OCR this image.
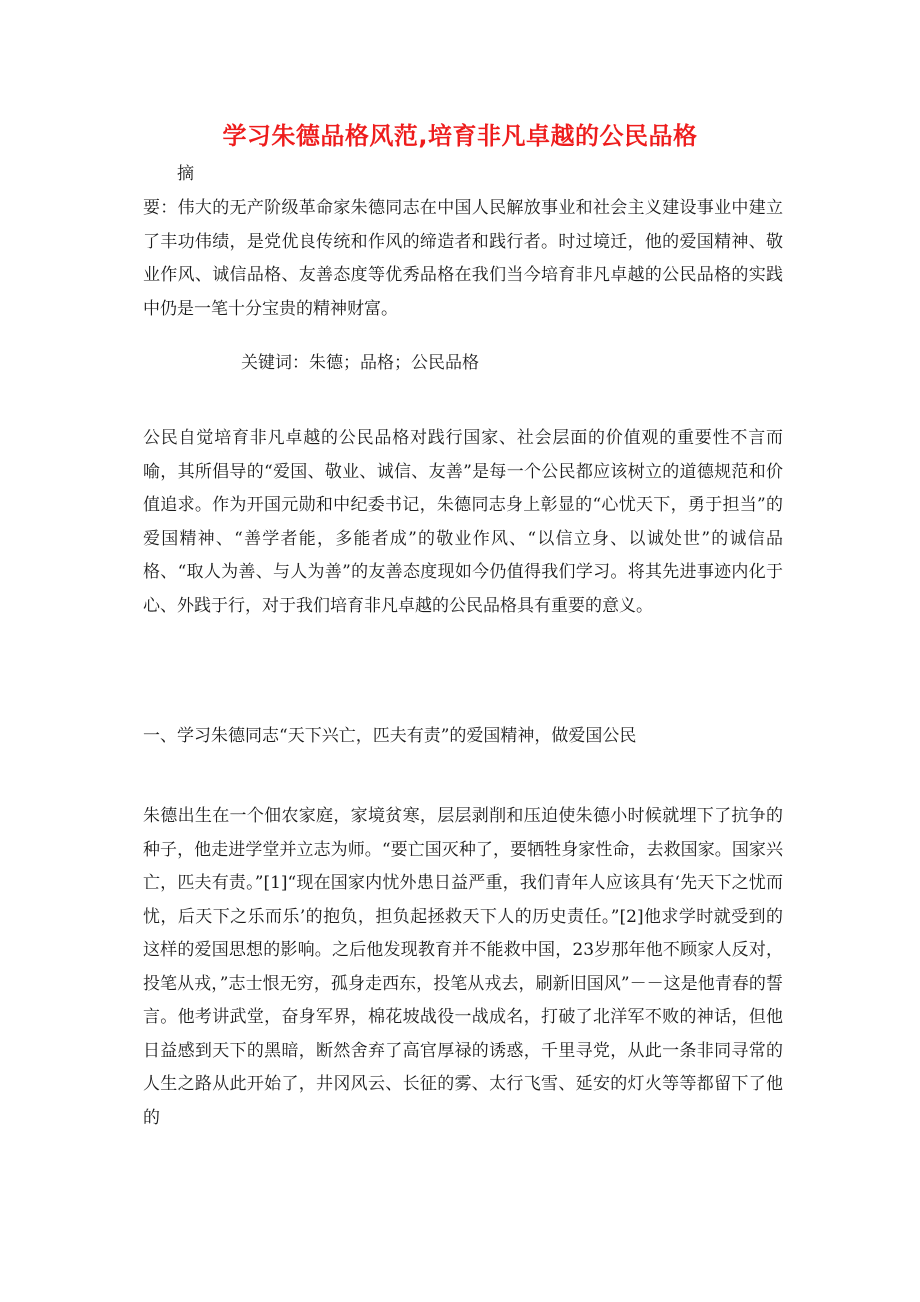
学习朱德品格风范,培育非凡卓越的公民品格
摘
要：伟大的无产阶级革命家朱德同志在中国人民解放事业和社会主义建设事业中建立了丰功伟绩，是党优良传统和作风的缔造者和践行者。时过境迁，他的爱国精神、敬业作风、诚信品格、友善态度等优秀品格在我们当今培育非凡卓越的公民品格的实践中仍是一笔十分宝贵的精神财富。
关键词：朱德；品格；公民品格
公民自觉培育非凡卓越的公民品格对践行国家、社会层面的价值观的重要性不言而喻，其所倡导的“爱国、敬业、诚信、友善”是每一个公民都应该树立的道德规范和价值追求。作为开国元勋和中纪委书记，朱德同志身上彰显的“心忧天下，勇于担当”的爱国精神、“善学者能，多能者成”的敬业作风、“以信立身、以诚处世”的诚信品格、“取人为善、与人为善”的友善态度现如今仍值得我们学习。将其先进事迹内化于心、外践于行，对于我们培育非凡卓越的公民品格具有重要的意义。
一、学习朱德同志“天下兴亡，匹夫有责”的爱国精神，做爱国公民
朱德出生在一个佃农家庭，家境贫寒，层层剥削和压迫使朱德小时候就埋下了抗争的种子，他走进学堂并立志为师。“要亡国灭种了，要牺牲身家性命，去救国家。国家兴亡，匹夫有责。”[1]“现在国家内忧外患日益严重，我们青年人应该具有‘先天下之忧而忧，后天下之乐而乐’的抱负，担负起拯救天下人的历史责任。”[2]他求学时就受到的这样的爱国思想的影响。之后他发现教育并不能救中国，23岁那年他不顾家人反对，投笔从戎，”志士恨无穷，孤身走西东，投笔从戎去，刷新旧国风”－－这是他青春的誓言。他考讲武堂，奋身军界，棉花坡战役一战成名，打破了北洋军不败的神话，但他日益感到天下的黑暗，断然舍弃了高官厚禄的诱惑，千里寻党，从此一条非同寻常的人生之路从此开始了，井冈风云、长征的雾、太行飞雪、延安的灯火等等都留下了他的
